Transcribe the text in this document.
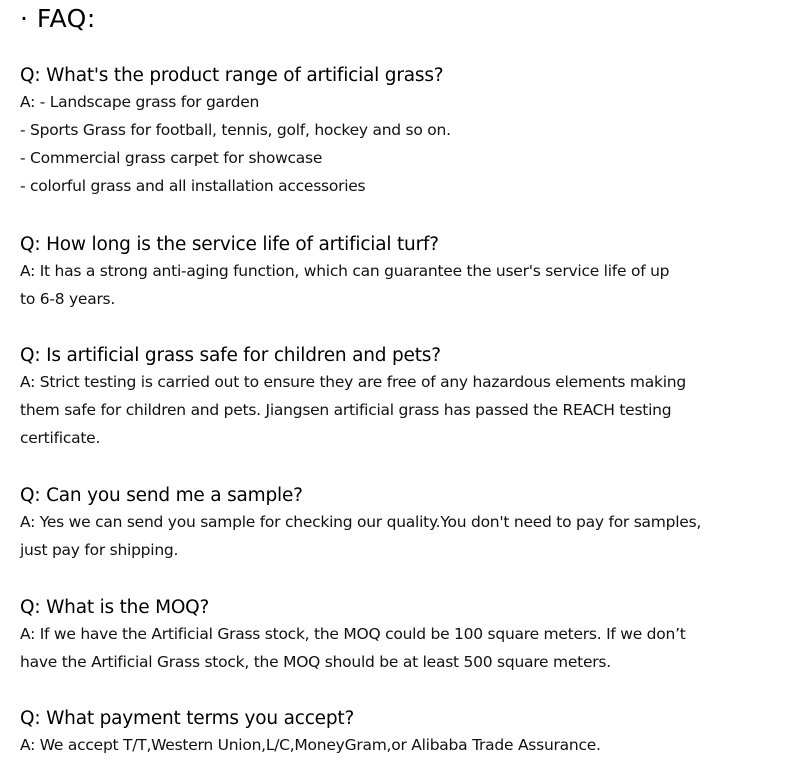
· FAQ:
Q: What's the product range of artificial grass?
A: - Landscape grass for garden
- Sports Grass for football, tennis, golf, hockey and so on.
- Commercial grass carpet for showcase
- colorful grass and all installation accessories
Q: How long is the service life of artificial turf?
A: It has a strong anti-aging function, which can guarantee the user's service life of up
to 6-8 years.
Q: Is artificial grass safe for children and pets?
A: Strict testing is carried out to ensure they are free of any hazardous elements making
them safe for children and pets. Jiangsen artificial grass has passed the REACH testing
certificate.
Q: Can you send me a sample?
A: Yes we can send you sample for checking our quality.You don't need to pay for samples,
just pay for shipping.
Q: What is the MOQ?
A: If we have the Artificial Grass stock, the MOQ could be 100 square meters. If we don’t
have the Artificial Grass stock, the MOQ should be at least 500 square meters.
Q: What payment terms you accept?
A: We accept T/T,Western Union,L/C,MoneyGram,or Alibaba Trade Assurance.
